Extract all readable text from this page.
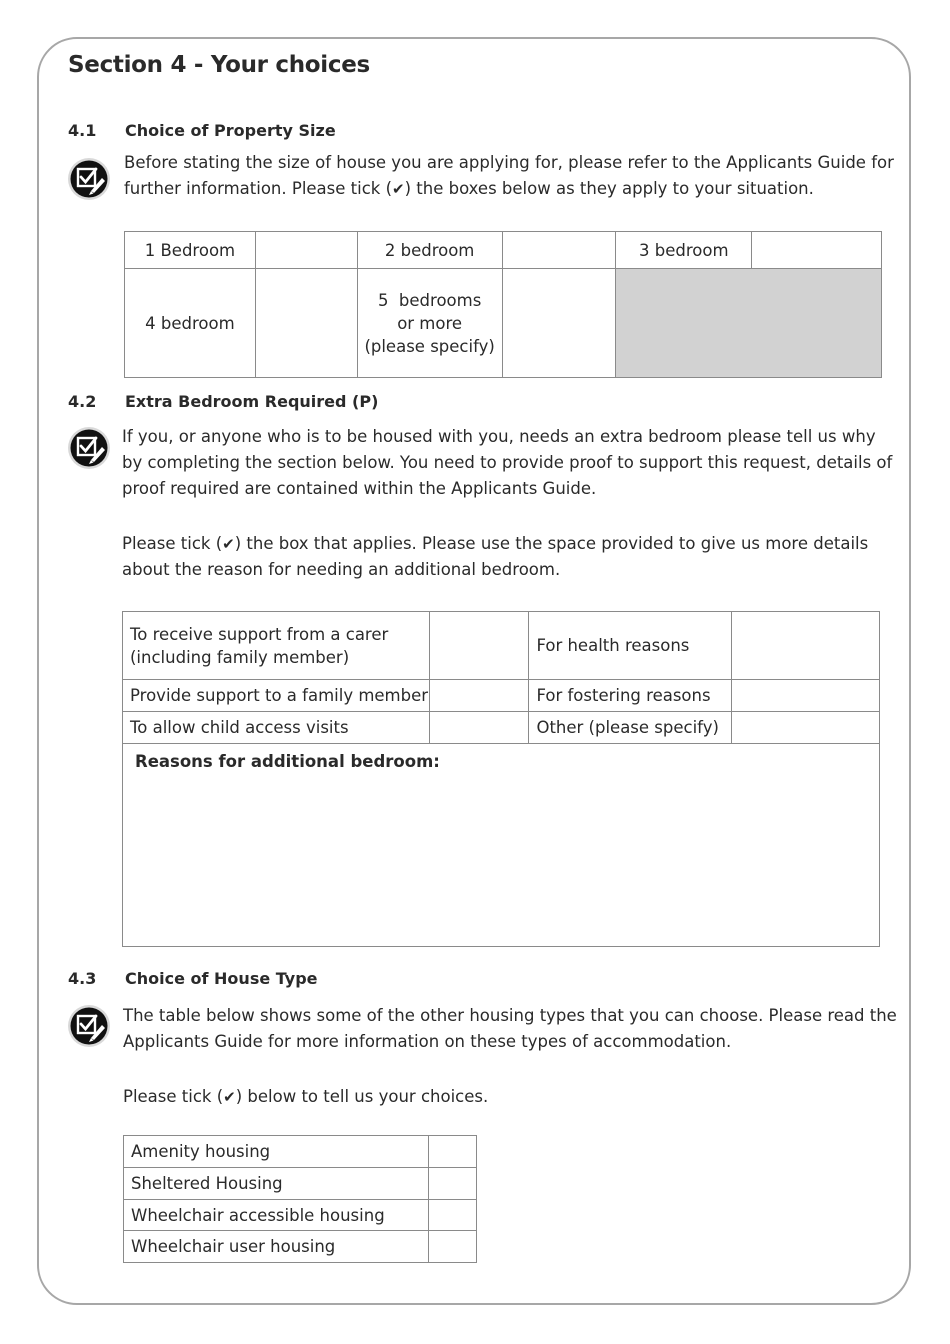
Section 4 - Your choices
4.1 Choice of Property Size

Before stating the size of house you are applying for, please refer to the Applicants Guide for
further information. Please tick (✔) the boxes below as they apply to your situation.

1 Bedroom		2 bedroom		3 bedroom	
4 bedroom		5  bedrooms
or more
(please specify)			
4.2 Extra Bedroom Required (P)

If you, or anyone who is to be housed with you, needs an extra bedroom please tell us why
by completing the section below. You need to provide proof to support this request, details of
proof required are contained within the Applicants Guide.

Please tick (✔) the box that applies. Please use the space provided to give us more details
about the reason for needing an additional bedroom.

To receive support from a carer
(including family member)		For health reasons	
Provide support to a family member		For fostering reasons	
To allow child access visits		Other (please specify)	
Reasons for additional bedroom:			
4.3 Choice of House Type

The table below shows some of the other housing types that you can choose. Please read the
Applicants Guide for more information on these types of accommodation.

Please tick (✔) below to tell us your choices.

Amenity housing	
Sheltered Housing	
Wheelchair accessible housing	
Wheelchair user housing	
